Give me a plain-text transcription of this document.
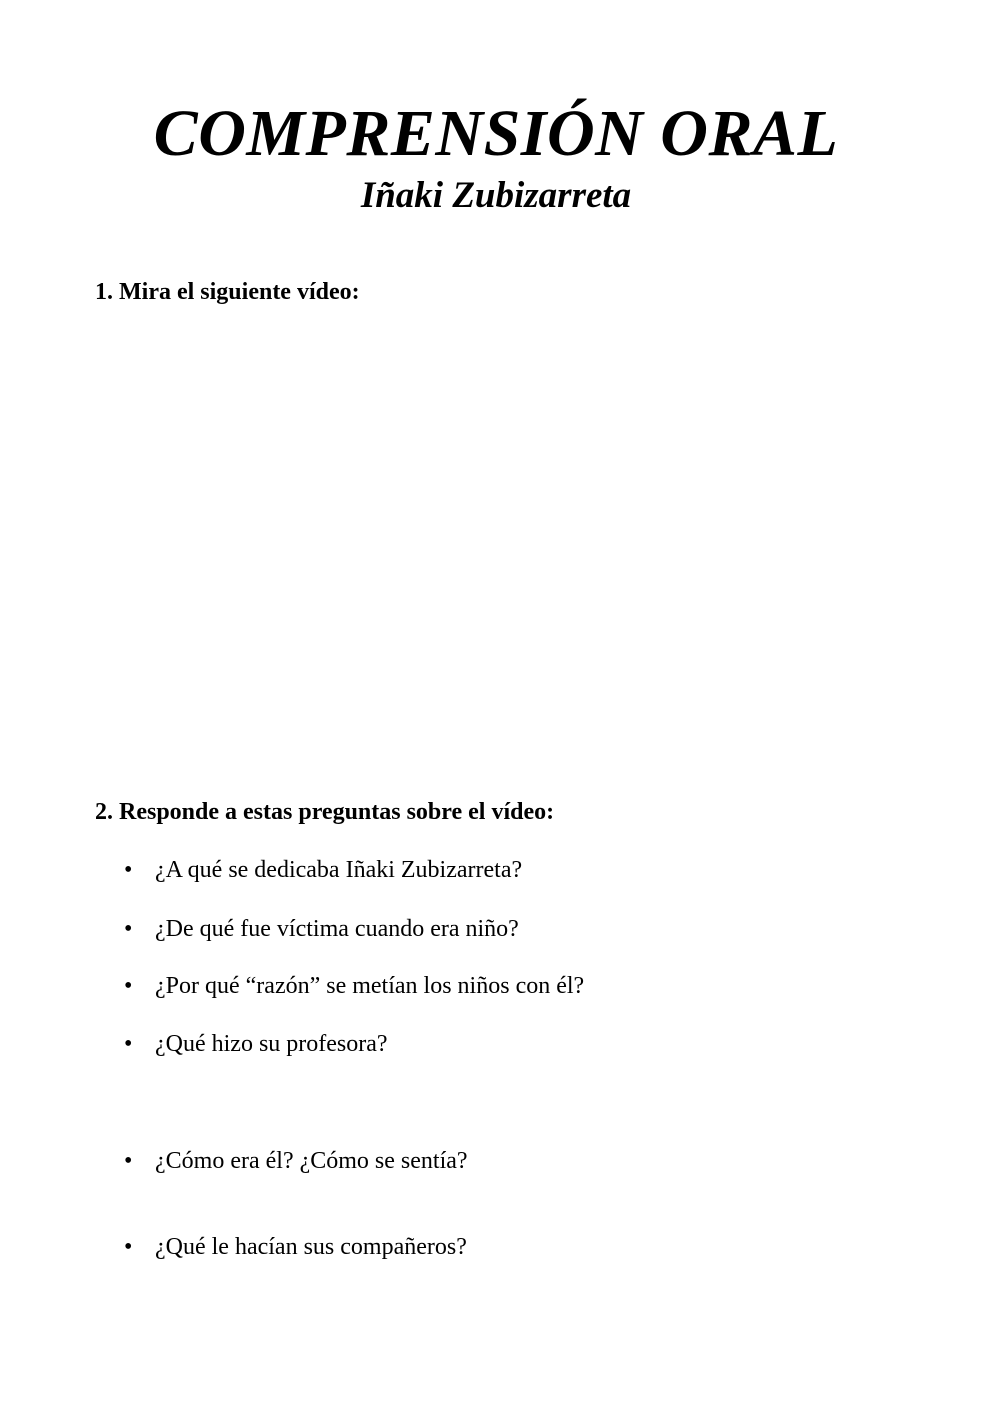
COMPRENSIÓN ORAL
Iñaki Zubizarreta
1. Mira el siguiente vídeo:
2. Responde a estas preguntas sobre el vídeo:
• ¿A qué se dedicaba Iñaki Zubizarreta?
• ¿De qué fue víctima cuando era niño?
• ¿Por qué “razón” se metían los niños con él?
• ¿Qué hizo su profesora?
• ¿Cómo era él? ¿Cómo se sentía?
• ¿Qué le hacían sus compañeros?
